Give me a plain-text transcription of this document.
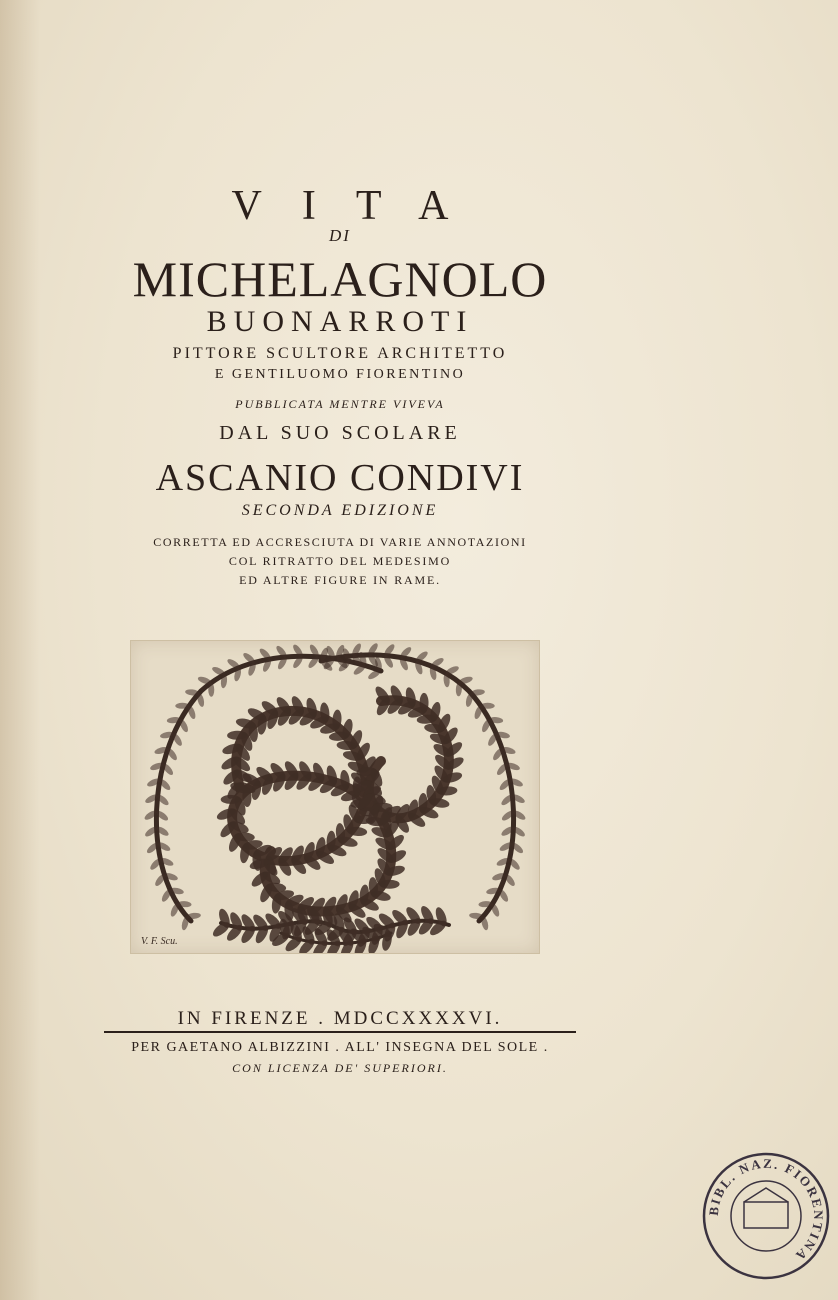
VITA
DI
MICHELAGNOLO
BUONARROTI
PITTORE SCULTORE ARCHITETTO
E GENTILUOMO FIORENTINO
PUBBLICATA MENTRE VIVEVA
DAL SUO SCOLARE
ASCANIO CONDIVI
SECONDA EDIZIONE
CORRETTA ED ACCRESCIUTA DI VARIE ANNOTAZIONI
COL RITRATTO DEL MEDESIMO
ED ALTRE FIGURE IN RAME.
V. F. Scu.
IN FIRENZE . MDCCXXXXVI.
PER GAETANO ALBIZZINI . ALL' INSEGNA DEL SOLE .
CON LICENZA DE' SUPERIORI.
BIBL. NAZ. FIORENTINA
